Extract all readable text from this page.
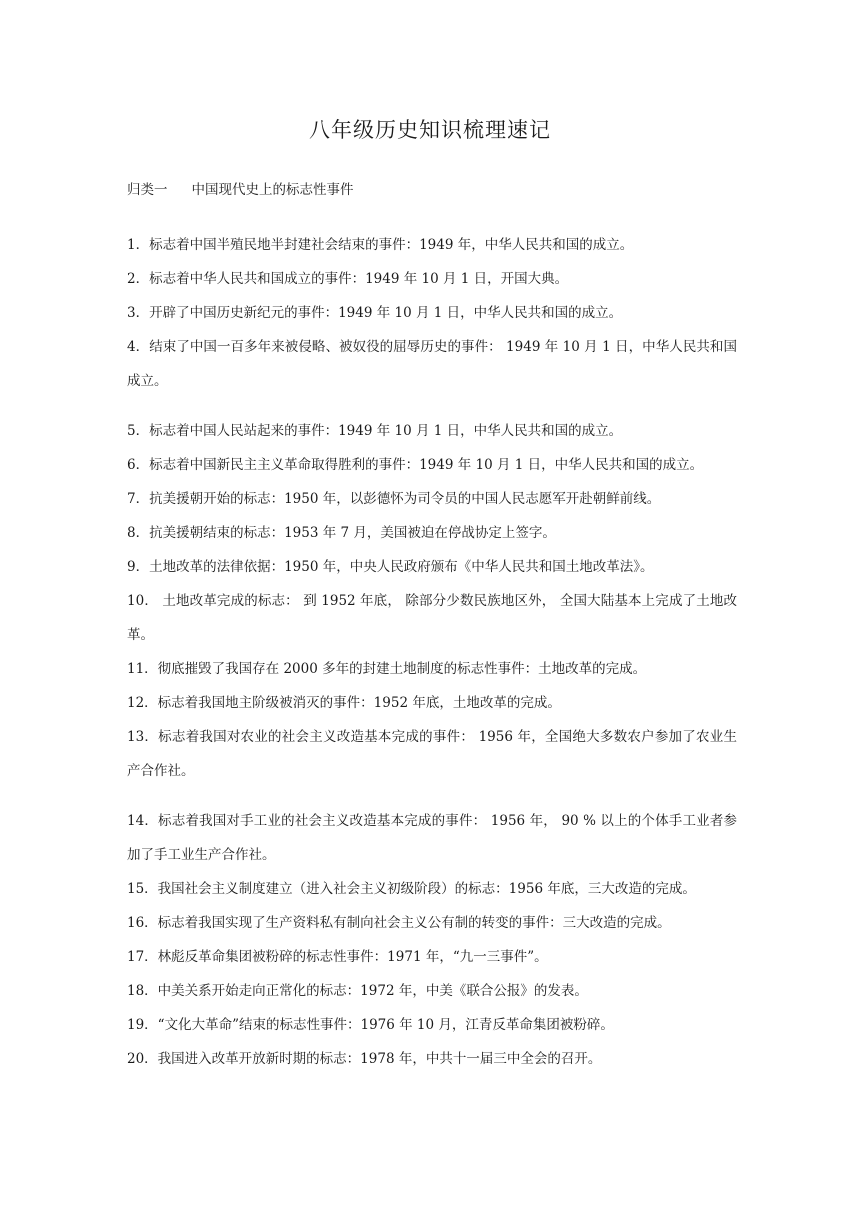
八年级历史知识梳理速记

归类一 中国现代史上的标志性事件

1．标志着中国半殖民地半封建社会结束的事件：1949 年，中华人民共和国的成立。
2．标志着中华人民共和国成立的事件：1949 年 10 月 1 日，开国大典。
3．开辟了中国历史新纪元的事件：1949 年 10 月 1 日，中华人民共和国的成立。
4．结束了中国一百多年来被侵略、被奴役的屈辱历史的事件： 1949 年 10 月 1 日，中华人民共和国成立。
5．标志着中国人民站起来的事件：1949 年 10 月 1 日，中华人民共和国的成立。
6．标志着中国新民主主义革命取得胜利的事件：1949 年 10 月 1 日，中华人民共和国的成立。
7．抗美援朝开始的标志：1950 年，以彭德怀为司令员的中国人民志愿军开赴朝鲜前线。
8．抗美援朝结束的标志：1953 年 7 月，美国被迫在停战协定上签字。
9．土地改革的法律依据：1950 年，中央人民政府颁布《中华人民共和国土地改革法》。
10． 土地改革完成的标志： 到 1952 年底， 除部分少数民族地区外， 全国大陆基本上完成了土地改革。
11．彻底摧毁了我国存在 2000 多年的封建土地制度的标志性事件：土地改革的完成。
12．标志着我国地主阶级被消灭的事件：1952 年底，土地改革的完成。
13．标志着我国对农业的社会主义改造基本完成的事件： 1956 年，全国绝大多数农户参加了农业生产合作社。
14．标志着我国对手工业的社会主义改造基本完成的事件： 1956 年， 90 % 以上的个体手工业者参加了手工业生产合作社。
15．我国社会主义制度建立（进入社会主义初级阶段）的标志：1956 年底，三大改造的完成。
16．标志着我国实现了生产资料私有制向社会主义公有制的转变的事件：三大改造的完成。
17．林彪反革命集团被粉碎的标志性事件：1971 年，“九一三事件”。
18．中美关系开始走向正常化的标志：1972 年，中美《联合公报》的发表。
19．“文化大革命”结束的标志性事件：1976 年 10 月，江青反革命集团被粉碎。
20．我国进入改革开放新时期的标志：1978 年，中共十一届三中全会的召开。
